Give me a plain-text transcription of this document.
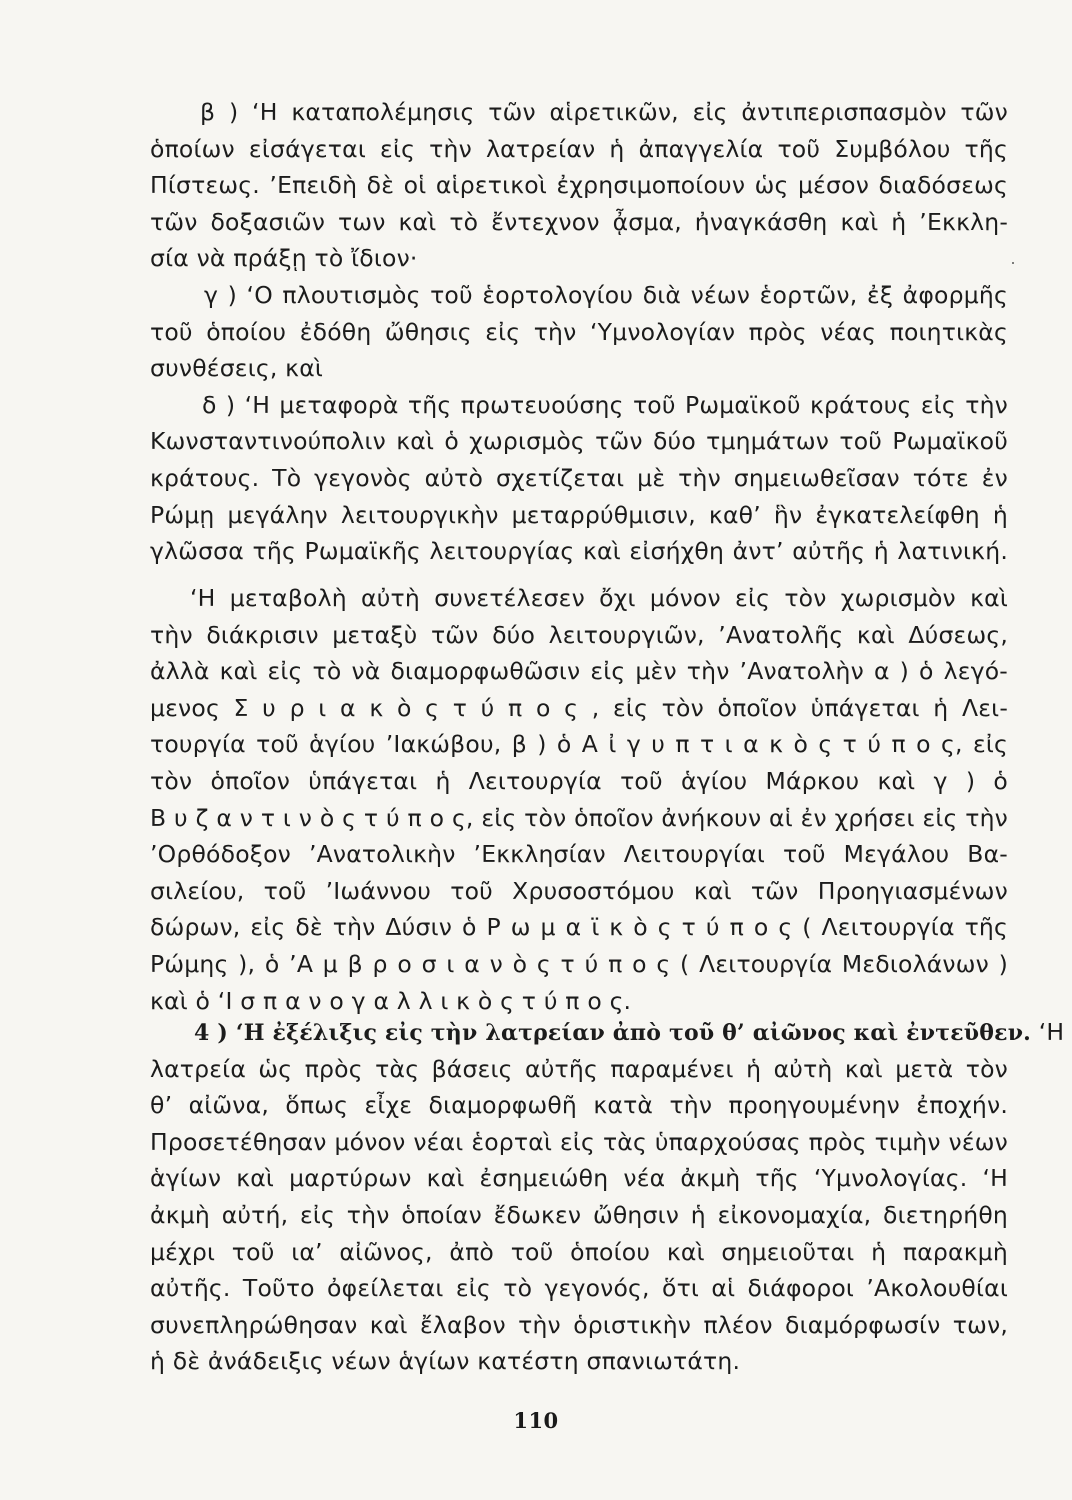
β ) ‘Η καταπολέμησις τῶν αἱρετικῶν, εἰς ἀντιπερισπασμὸν τῶν
ὁποίων εἰσάγεται εἰς τὴν λατρείαν ἡ ἀπαγγελία τοῦ Συμβόλου τῆς
Πίστεως. ’Επειδὴ δὲ οἱ αἱρετικοὶ ἐχρησιμοποίουν ὡς μέσον διαδόσεως
τῶν δοξασιῶν των καὶ τὸ ἔντεχνον ᾆσμα, ἠναγκάσθη καὶ ἡ ’Εκκλη-
σία νὰ πράξῃ τὸ ἴδιον·
γ ) ‘Ο πλουτισμὸς τοῦ ἑορτολογίου διὰ νέων ἑορτῶν, ἐξ ἀφορμῆς
τοῦ ὁποίου ἐδόθη ὤθησις εἰς τὴν ‘Υμνολογίαν πρὸς νέας ποιητικὰς
συνθέσεις, καὶ
δ ) ‘Η μεταφορὰ τῆς πρωτευούσης τοῦ Ρωμαϊκοῦ κράτους εἰς τὴν
Κωνσταντινούπολιν καὶ ὁ χωρισμὸς τῶν δύο τμημάτων τοῦ Ρωμαϊκοῦ
κράτους. Τὸ γεγονὸς αὐτὸ σχετίζεται μὲ τὴν σημειωθεῖσαν τότε ἐν
Ρώμῃ μεγάλην λειτουργικὴν μεταρρύθμισιν, καθ’ ἣν ἐγκατελείφθη ἡ
γλῶσσα τῆς Ρωμαϊκῆς λειτουργίας καὶ εἰσήχθη ἀντ’ αὐτῆς ἡ λατινική.
‘Η μεταβολὴ αὐτὴ συνετέλεσεν ὄχι μόνον εἰς τὸν χωρισμὸν καὶ
τὴν διάκρισιν μεταξὺ τῶν δύο λειτουργιῶν, ’Ανατολῆς καὶ Δύσεως,
ἀλλὰ καὶ εἰς τὸ νὰ διαμορφωθῶσιν εἰς μὲν τὴν ’Ανατολὴν α ) ὁ λεγό-
μενος Σ υ ρ ι α κ ὸ ς τ ύ π ο ς , εἰς τὸν ὁποῖον ὑπάγεται ἡ Λει-
τουργία τοῦ ἁγίου ’Ιακώβου, β ) ὁ Α ἰ γ υ π τ ι α κ ὸ ς τ ύ π ο ς, εἰς
τὸν ὁποῖον ὑπάγεται ἡ Λειτουργία τοῦ ἁγίου Μάρκου καὶ γ ) ὁ
Β υ ζ α ν τ ι ν ὸ ς τ ύ π ο ς, εἰς τὸν ὁποῖον ἀνήκουν αἱ ἐν χρήσει εἰς τὴν
’Ορθόδοξον ’Ανατολικὴν ’Εκκλησίαν Λειτουργίαι τοῦ Μεγάλου Βα-
σιλείου, τοῦ ’Ιωάννου τοῦ Χρυσοστόμου καὶ τῶν Προηγιασμένων
δώρων, εἰς δὲ τὴν Δύσιν ὁ Ρ ω μ α ϊ κ ὸ ς τ ύ π ο ς ( Λειτουργία τῆς
Ρώμης ), ὁ ’Α μ β ρ ο σ ι α ν ὸ ς τ ύ π ο ς ( Λειτουργία Μεδιολάνων )
καὶ ὁ ‘Ι σ π α ν ο γ α λ λ ι κ ὸ ς τ ύ π ο ς.
4 ) ‘Η ἐξέλιξις εἰς τὴν λατρείαν ἀπὸ τοῦ θ’ αἰῶνος καὶ ἐντεῦθεν. ‘Η
λατρεία ὡς πρὸς τὰς βάσεις αὐτῆς παραμένει ἡ αὐτὴ καὶ μετὰ τὸν
θ’ αἰῶνα, ὅπως εἶχε διαμορφωθῆ κατὰ τὴν προηγουμένην ἐποχήν.
Προσετέθησαν μόνον νέαι ἑορταὶ εἰς τὰς ὑπαρχούσας πρὸς τιμὴν νέων
ἁγίων καὶ μαρτύρων καὶ ἐσημειώθη νέα ἀκμὴ τῆς ‘Υμνολογίας. ‘Η
ἀκμὴ αὐτή, εἰς τὴν ὁποίαν ἔδωκεν ὤθησιν ἡ εἰκονομαχία, διετηρήθη
μέχρι τοῦ ια’ αἰῶνος, ἀπὸ τοῦ ὁποίου καὶ σημειοῦται ἡ παρακμὴ
αὐτῆς. Τοῦτο ὀφείλεται εἰς τὸ γεγονός, ὅτι αἱ διάφοροι ’Ακολουθίαι
συνεπληρώθησαν καὶ ἔλαβον τὴν ὁριστικὴν πλέον διαμόρφωσίν των,
ἡ δὲ ἀνάδειξις νέων ἁγίων κατέστη σπανιωτάτη.
110
